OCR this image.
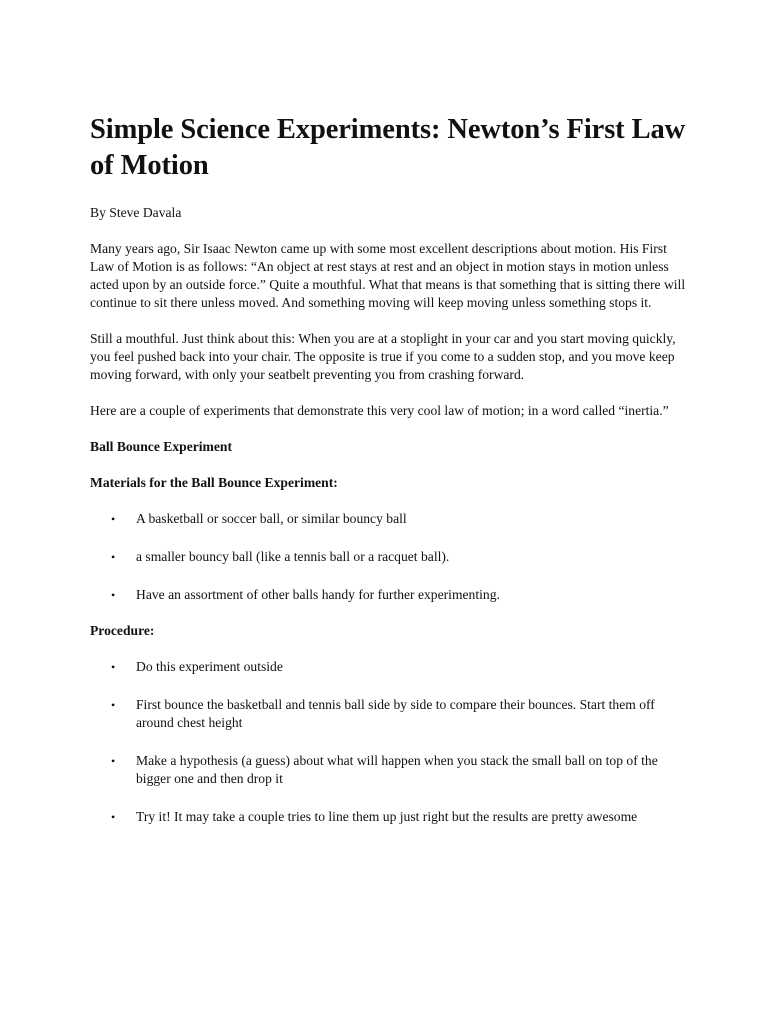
Simple Science Experiments: Newton’s First Law of Motion

By Steve Davala

Many years ago, Sir Isaac Newton came up with some most excellent descriptions about motion. His First Law of Motion is as follows: “An object at rest stays at rest and an object in motion stays in motion unless acted upon by an outside force.” Quite a mouthful. What that means is that something that is sitting there will continue to sit there unless moved. And something moving will keep moving unless something stops it.

Still a mouthful. Just think about this: When you are at a stoplight in your car and you start moving quickly, you feel pushed back into your chair. The opposite is true if you come to a sudden stop, and you move keep moving forward, with only your seatbelt preventing you from crashing forward.

Here are a couple of experiments that demonstrate this very cool law of motion; in a word called “inertia.”

Ball Bounce Experiment

Materials for the Ball Bounce Experiment:

• A basketball or soccer ball, or similar bouncy ball
• a smaller bouncy ball (like a tennis ball or a racquet ball).
• Have an assortment of other balls handy for further experimenting.

Procedure:

• Do this experiment outside
• First bounce the basketball and tennis ball side by side to compare their bounces. Start them off around chest height
• Make a hypothesis (a guess) about what will happen when you stack the small ball on top of the bigger one and then drop it
• Try it! It may take a couple tries to line them up just right but the results are pretty awesome
